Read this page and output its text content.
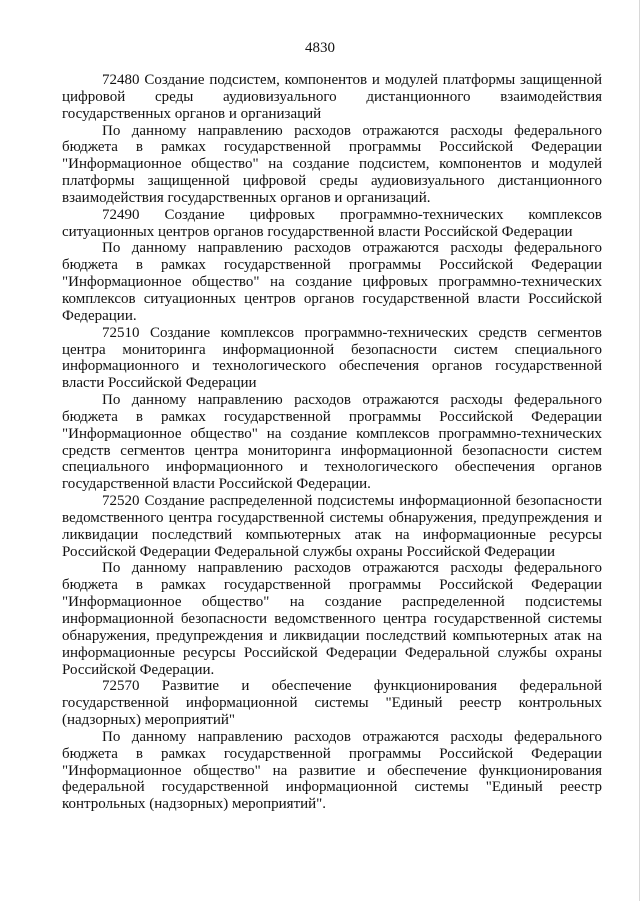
4830

72480 Создание подсистем, компонентов и модулей платформы защищенной цифровой среды аудиовизуального дистанционного взаимодействия государственных органов и организаций

По данному направлению расходов отражаются расходы федерального бюджета в рамках государственной программы Российской Федерации "Информационное общество" на создание подсистем, компонентов и модулей платформы защищенной цифровой среды аудиовизуального дистанционного взаимодействия государственных органов и организаций.

72490 Создание цифровых программно-технических комплексов ситуационных центров органов государственной власти Российской Федерации

По данному направлению расходов отражаются расходы федерального бюджета в рамках государственной программы Российской Федерации "Информационное общество" на создание цифровых программно-технических комплексов ситуационных центров органов государственной власти Российской Федерации.

72510 Создание комплексов программно-технических средств сегментов центра мониторинга информационной безопасности систем специального информационного и технологического обеспечения органов государственной власти Российской Федерации

По данному направлению расходов отражаются расходы федерального бюджета в рамках государственной программы Российской Федерации "Информационное общество" на создание комплексов программно-технических средств сегментов центра мониторинга информационной безопасности систем специального информационного и технологического обеспечения органов государственной власти Российской Федерации.

72520 Создание распределенной подсистемы информационной безопасности ведомственного центра государственной системы обнаружения, предупреждения и ликвидации последствий компьютерных атак на информационные ресурсы Российской Федерации Федеральной службы охраны Российской Федерации

По данному направлению расходов отражаются расходы федерального бюджета в рамках государственной программы Российской Федерации "Информационное общество" на создание распределенной подсистемы информационной безопасности ведомственного центра государственной системы обнаружения, предупреждения и ликвидации последствий компьютерных атак на информационные ресурсы Российской Федерации Федеральной службы охраны Российской Федерации.

72570 Развитие и обеспечение функционирования федеральной государственной информационной системы "Единый реестр контрольных (надзорных) мероприятий"

По данному направлению расходов отражаются расходы федерального бюджета в рамках государственной программы Российской Федерации "Информационное общество" на развитие и обеспечение функционирования федеральной государственной информационной системы "Единый реестр контрольных (надзорных) мероприятий".
